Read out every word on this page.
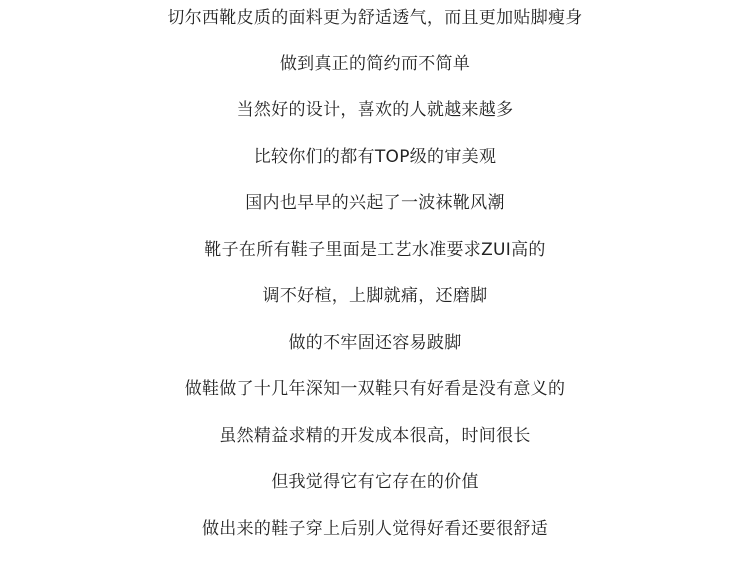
切尔西靴皮质的面料更为舒适透气，而且更加贴脚瘦身
做到真正的简约而不简单
当然好的设计，喜欢的人就越来越多
比较你们的都有TOP级的审美观
国内也早早的兴起了一波袜靴风潮
靴子在所有鞋子里面是工艺水准要求ZUI高的
调不好楦，上脚就痛，还磨脚
做的不牢固还容易跛脚
做鞋做了十几年深知一双鞋只有好看是没有意义的
虽然精益求精的开发成本很高，时间很长
但我觉得它有它存在的价值
做出来的鞋子穿上后别人觉得好看还要很舒适
